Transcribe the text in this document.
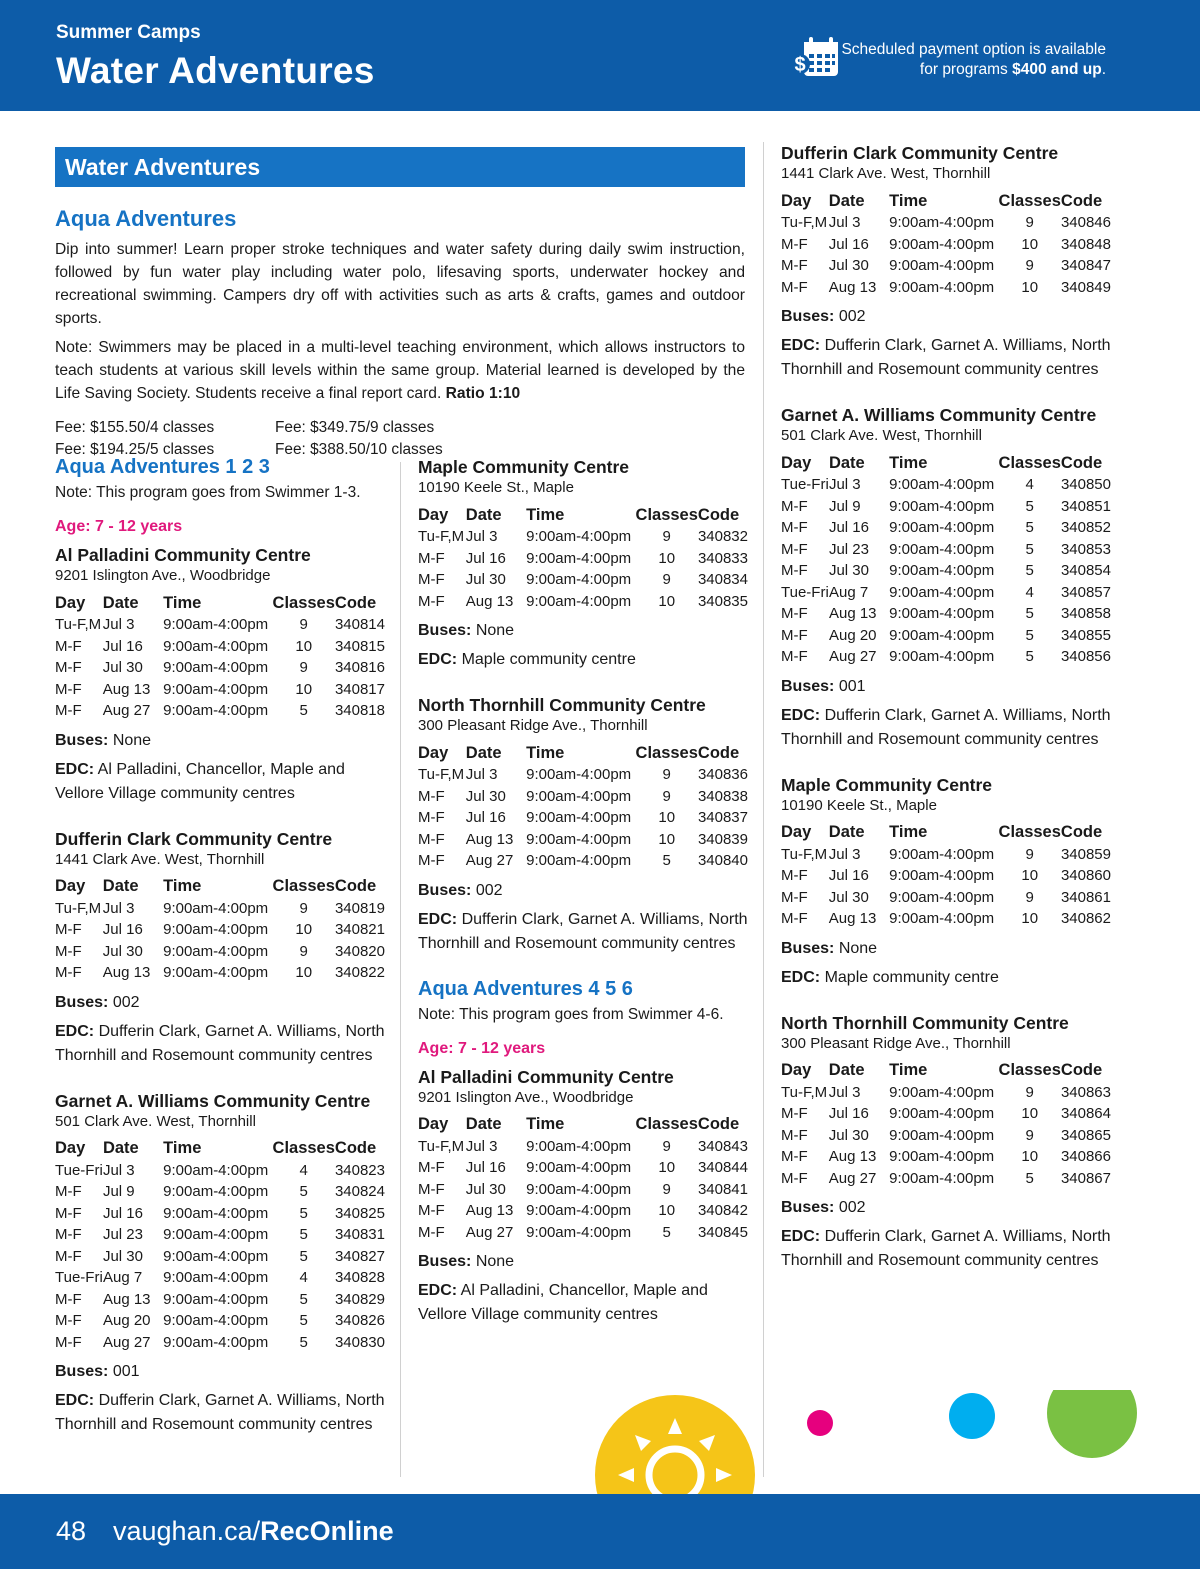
Summer Camps
Water Adventures	$
Scheduled payment option is available
for programs $400 and up.
Water Adventures
Aqua Adventures

Dip into summer! Learn proper stroke techniques and water safety during daily swim instruction, followed by fun water play including water polo, lifesaving sports, underwater hockey and recreational swimming. Campers dry off with activities such as arts & crafts, games and outdoor sports.

Note: Swimmers may be placed in a multi-level teaching environment, which allows instructors to teach students at various skill levels within the same group. Material learned is developed by the Life Saving Society. Students receive a final report card. Ratio 1:10

Fee: $155.50/4 classes	Fee: $349.75/9 classes
Fee: $194.25/5 classes	Fee: $388.50/10 classes
Aqua Adventures 1 2 3
Note: This program goes from Swimmer 1-3.
Age: 7 - 12 years
Al Palladini Community Centre
9201 Islington Ave., Woodbridge
Day	Date	Time	Classes	Code
Tu-F,M	Jul 3	9:00am-4:00pm	9	340814
M-F	Jul 16	9:00am-4:00pm	10	340815
M-F	Jul 30	9:00am-4:00pm	9	340816
M-F	Aug 13	9:00am-4:00pm	10	340817
M-F	Aug 27	9:00am-4:00pm	5	340818
Buses: None
EDC: Al Palladini, Chancellor, Maple and Vellore Village community centres
Dufferin Clark Community Centre
1441 Clark Ave. West, Thornhill
Day	Date	Time	Classes	Code
Tu-F,M	Jul 3	9:00am-4:00pm	9	340819
M-F	Jul 16	9:00am-4:00pm	10	340821
M-F	Jul 30	9:00am-4:00pm	9	340820
M-F	Aug 13	9:00am-4:00pm	10	340822
Buses: 002
EDC: Dufferin Clark, Garnet A. Williams, North Thornhill and Rosemount community centres
Garnet A. Williams Community Centre
501 Clark Ave. West, Thornhill
Day	Date	Time	Classes	Code
Tue-Fri	Jul 3	9:00am-4:00pm	4	340823
M-F	Jul 9	9:00am-4:00pm	5	340824
M-F	Jul 16	9:00am-4:00pm	5	340825
M-F	Jul 23	9:00am-4:00pm	5	340831
M-F	Jul 30	9:00am-4:00pm	5	340827
Tue-Fri	Aug 7	9:00am-4:00pm	4	340828
M-F	Aug 13	9:00am-4:00pm	5	340829
M-F	Aug 20	9:00am-4:00pm	5	340826
M-F	Aug 27	9:00am-4:00pm	5	340830
Buses: 001
EDC: Dufferin Clark, Garnet A. Williams, North Thornhill and Rosemount community centres
Maple Community Centre
10190 Keele St., Maple
Day	Date	Time	Classes	Code
Tu-F,M	Jul 3	9:00am-4:00pm	9	340832
M-F	Jul 16	9:00am-4:00pm	10	340833
M-F	Jul 30	9:00am-4:00pm	9	340834
M-F	Aug 13	9:00am-4:00pm	10	340835
Buses: None
EDC: Maple community centre
North Thornhill Community Centre
300 Pleasant Ridge Ave., Thornhill
Day	Date	Time	Classes	Code
Tu-F,M	Jul 3	9:00am-4:00pm	9	340836
M-F	Jul 30	9:00am-4:00pm	9	340838
M-F	Jul 16	9:00am-4:00pm	10	340837
M-F	Aug 13	9:00am-4:00pm	10	340839
M-F	Aug 27	9:00am-4:00pm	5	340840
Buses: 002
EDC: Dufferin Clark, Garnet A. Williams, North Thornhill and Rosemount community centres
Aqua Adventures 4 5 6
Note: This program goes from Swimmer 4-6.
Age: 7 - 12 years
Al Palladini Community Centre
9201 Islington Ave., Woodbridge
Day	Date	Time	Classes	Code
Tu-F,M	Jul 3	9:00am-4:00pm	9	340843
M-F	Jul 16	9:00am-4:00pm	10	340844
M-F	Jul 30	9:00am-4:00pm	9	340841
M-F	Aug 13	9:00am-4:00pm	10	340842
M-F	Aug 27	9:00am-4:00pm	5	340845
Buses: None
EDC: Al Palladini, Chancellor, Maple and Vellore Village community centres
Dufferin Clark Community Centre
1441 Clark Ave. West, Thornhill
Day	Date	Time	Classes	Code
Tu-F,M	Jul 3	9:00am-4:00pm	9	340846
M-F	Jul 16	9:00am-4:00pm	10	340848
M-F	Jul 30	9:00am-4:00pm	9	340847
M-F	Aug 13	9:00am-4:00pm	10	340849
Buses: 002
EDC: Dufferin Clark, Garnet A. Williams, North Thornhill and Rosemount community centres
Garnet A. Williams Community Centre
501 Clark Ave. West, Thornhill
Day	Date	Time	Classes	Code
Tue-Fri	Jul 3	9:00am-4:00pm	4	340850
M-F	Jul 9	9:00am-4:00pm	5	340851
M-F	Jul 16	9:00am-4:00pm	5	340852
M-F	Jul 23	9:00am-4:00pm	5	340853
M-F	Jul 30	9:00am-4:00pm	5	340854
Tue-Fri	Aug 7	9:00am-4:00pm	4	340857
M-F	Aug 13	9:00am-4:00pm	5	340858
M-F	Aug 20	9:00am-4:00pm	5	340855
M-F	Aug 27	9:00am-4:00pm	5	340856
Buses: 001
EDC: Dufferin Clark, Garnet A. Williams, North Thornhill and Rosemount community centres
Maple Community Centre
10190 Keele St., Maple
Day	Date	Time	Classes	Code
Tu-F,M	Jul 3	9:00am-4:00pm	9	340859
M-F	Jul 16	9:00am-4:00pm	10	340860
M-F	Jul 30	9:00am-4:00pm	9	340861
M-F	Aug 13	9:00am-4:00pm	10	340862
Buses: None
EDC: Maple community centre
North Thornhill Community Centre
300 Pleasant Ridge Ave., Thornhill
Day	Date	Time	Classes	Code
Tu-F,M	Jul 3	9:00am-4:00pm	9	340863
M-F	Jul 16	9:00am-4:00pm	10	340864
M-F	Jul 30	9:00am-4:00pm	9	340865
M-F	Aug 13	9:00am-4:00pm	10	340866
M-F	Aug 27	9:00am-4:00pm	5	340867
Buses: 002
EDC: Dufferin Clark, Garnet A. Williams, North Thornhill and Rosemount community centres
48 vaughan.ca/RecOnline
